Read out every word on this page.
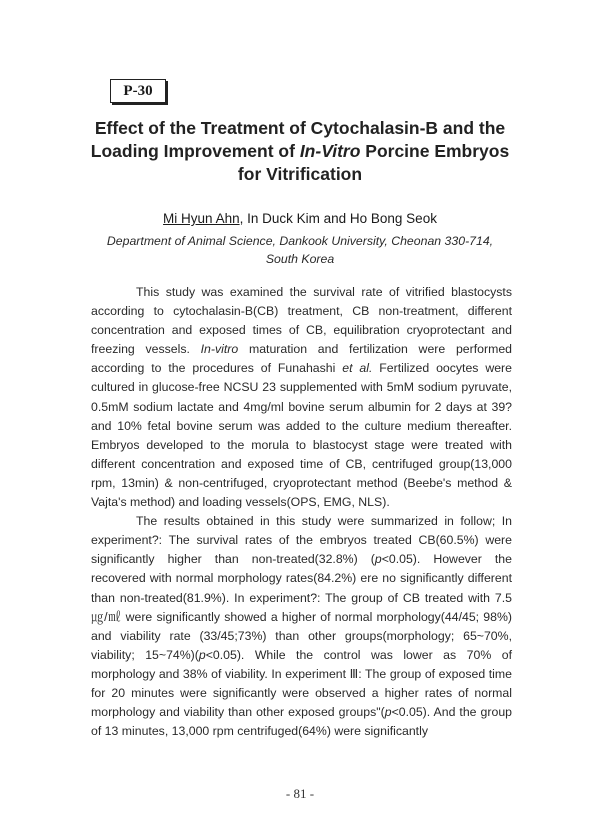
P-30
Effect of the Treatment of Cytochalasin-B and the
Loading Improvement of In-Vitro Porcine Embryos
for Vitrification
Mi Hyun Ahn, In Duck Kim and Ho Bong Seok
Department of Animal Science, Dankook University, Cheonan 330-714,
South Korea

This study was examined the survival rate of vitrified blastocysts according to cytochalasin-B(CB) treatment, CB non-treatment, different concentration and exposed times of CB, equilibration cryoprotectant and freezing vessels. In-vitro maturation and fertilization were performed according to the procedures of Funahashi et al. Fertilized oocytes were cultured in glucose-free NCSU 23 supplemented with 5mM sodium pyruvate, 0.5mM sodium lactate and 4mg/ml bovine serum albumin for 2 days at 39? and 10% fetal bovine serum was added to the culture medium thereafter. Embryos developed to the morula to blastocyst stage were treated with different concentration and exposed time of CB, centrifuged group(13,000 rpm, 13min) & non-centrifuged, cryoprotectant method (Beebe's method & Vajta's method) and loading vessels(OPS, EMG, NLS).

The results obtained in this study were summarized in follow; In experiment?: The survival rates of the embryos treated CB(60.5%) were significantly higher than non-treated(32.8%) (p<0.05). However the recovered with normal morphology rates(84.2%) ere no significantly different than non-treated(81.9%). In experiment?: The group of CB treated with 7.5 ㎍/㎖ were significantly showed a higher of normal morphology(44/45; 98%) and viability rate (33/45;73%) than other groups(morphology; 65~70%, viability; 15~74%)(p<0.05). While the control was lower as 70% of morphology and 38% of viability. In experiment Ⅲ: The group of exposed time for 20 minutes were significantly were observed a higher rates of normal morphology and viability than other exposed groups"(p<0.05). And the group of 13 minutes, 13,000 rpm centrifuged(64%) were significantly

- 81 -
